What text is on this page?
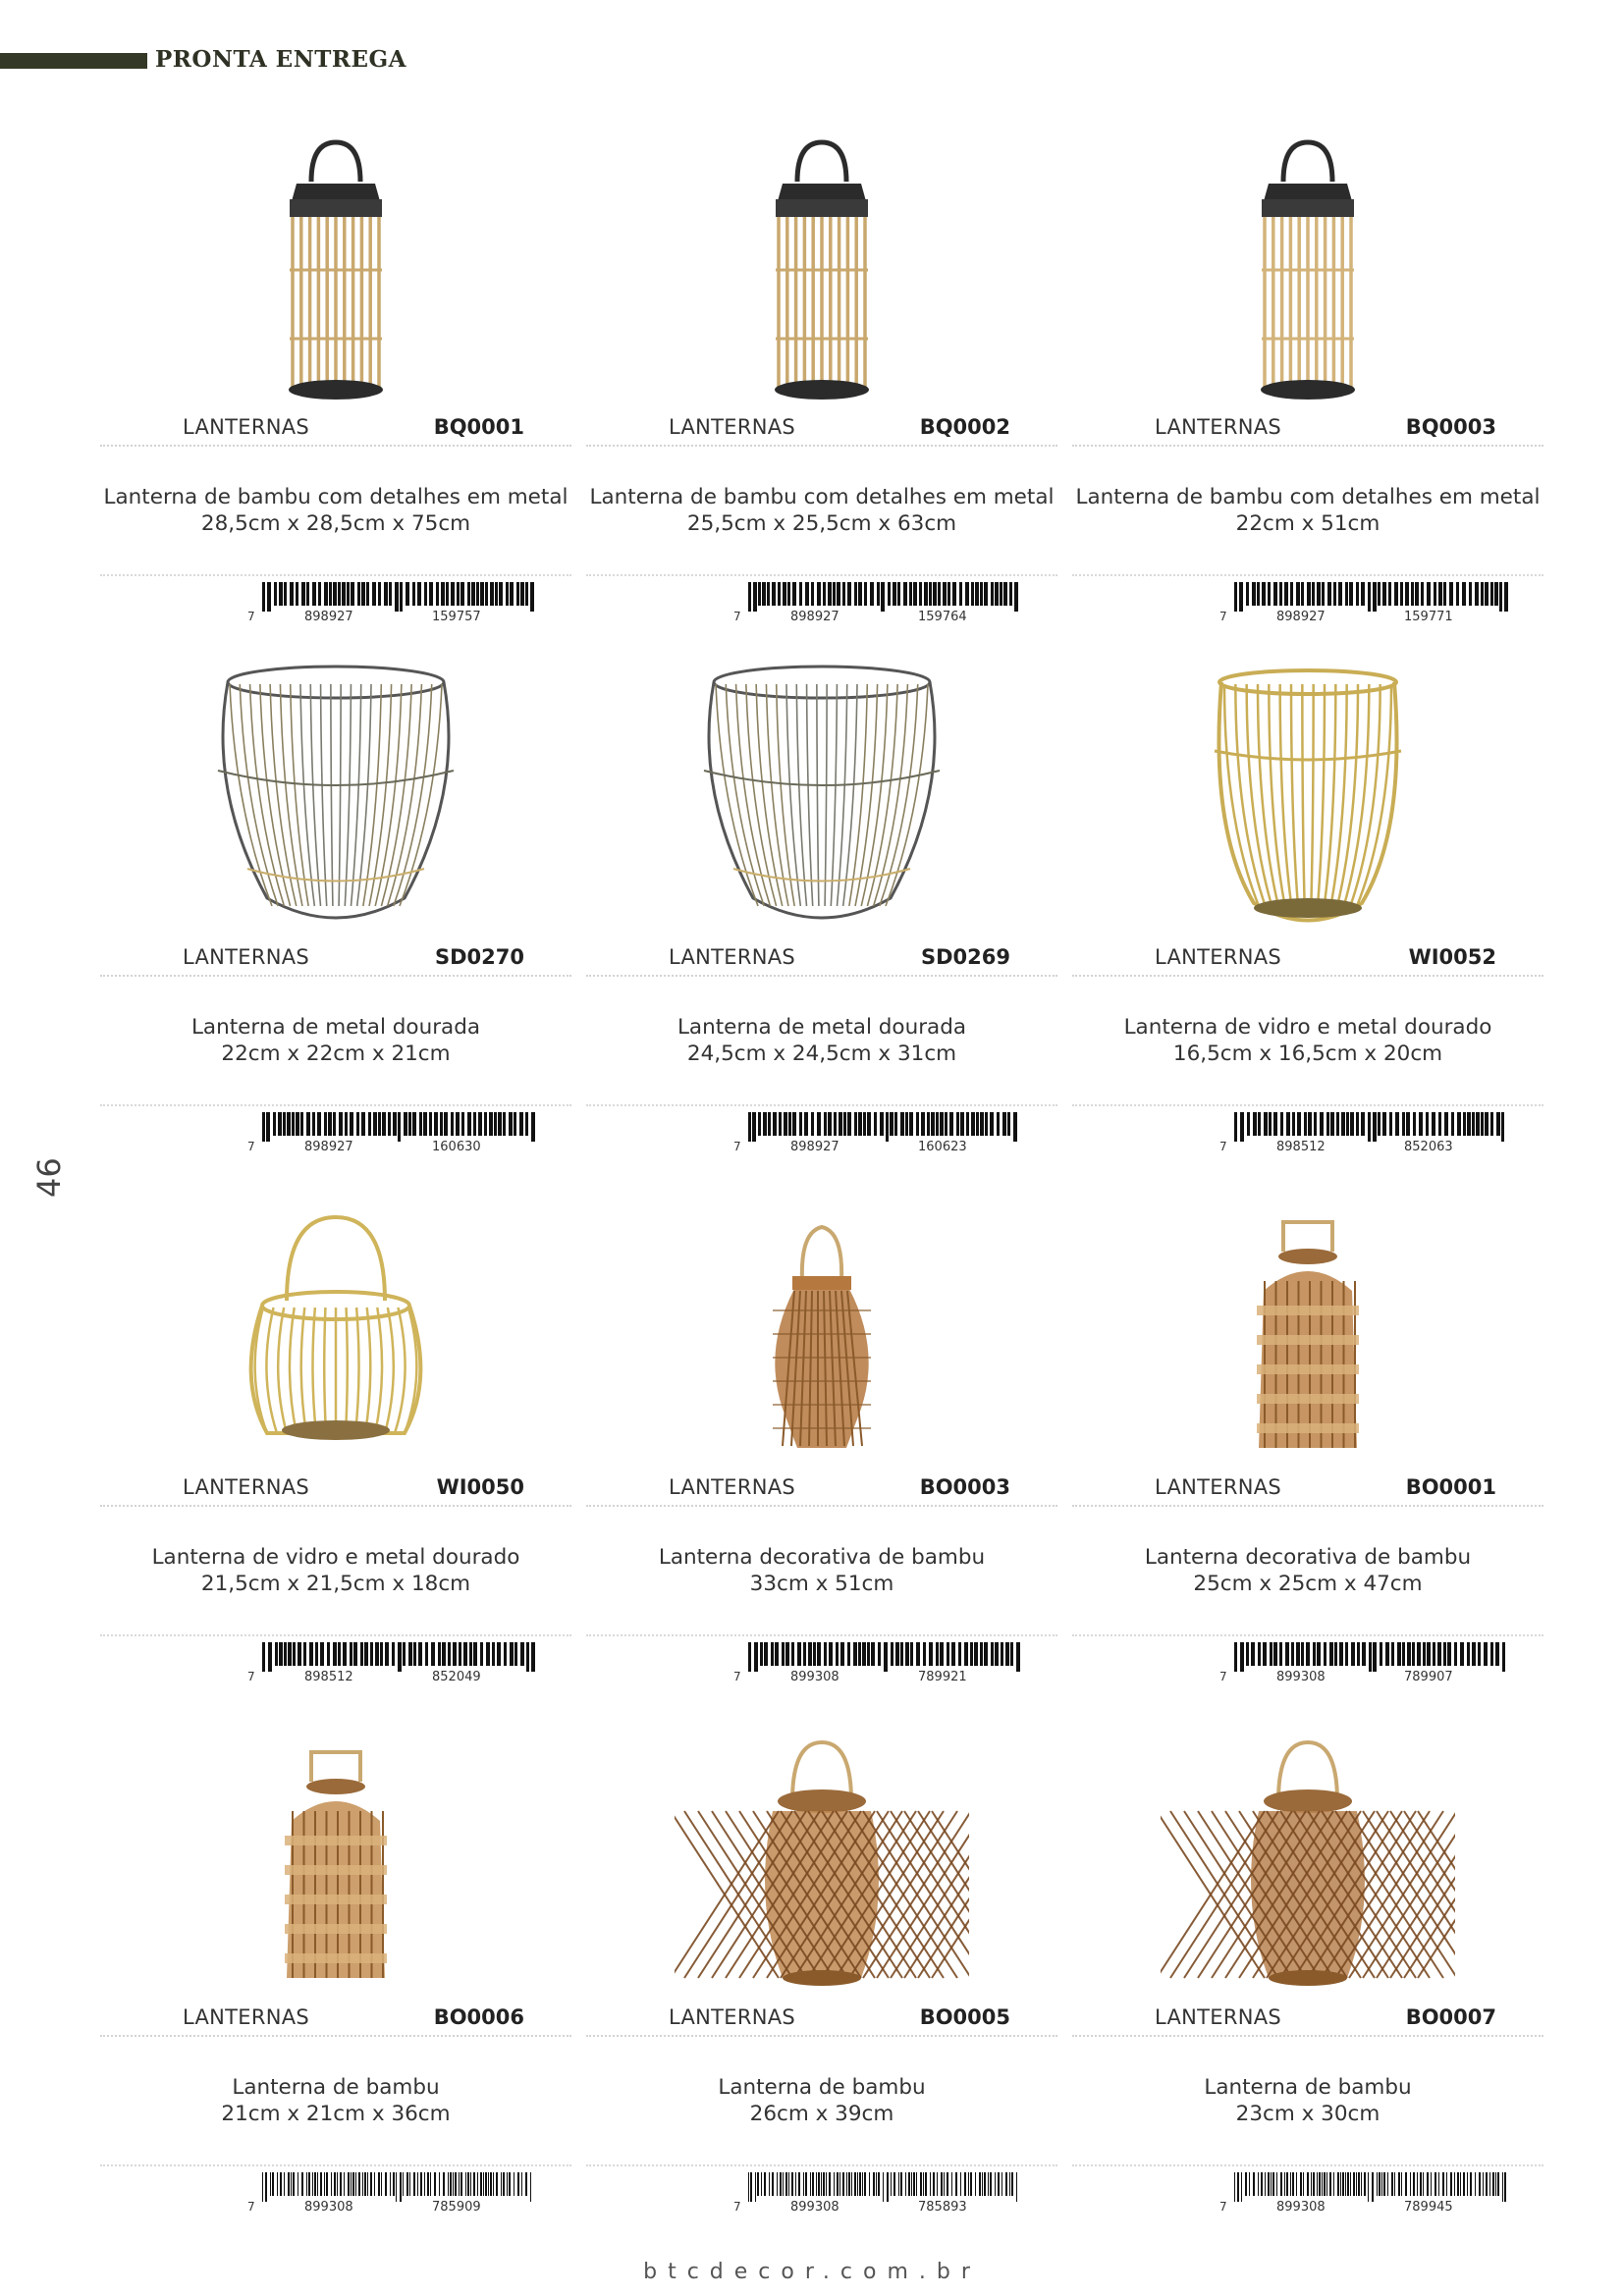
PRONTA ENTREGA
46
LANTERNAS	BQ0001
Lanterna de bambu com detalhes em metal
28,5cm x 28,5cm x 75cm
7	898927	159757
LANTERNAS	BQ0002
Lanterna de bambu com detalhes em metal
25,5cm x 25,5cm x 63cm
7	898927	159764
LANTERNAS	BQ0003
Lanterna de bambu com detalhes em metal
22cm x 51cm
7	898927	159771
LANTERNAS	SD0270
Lanterna de metal dourada
22cm x 22cm x 21cm
7	898927	160630
LANTERNAS	SD0269
Lanterna de metal dourada
24,5cm x 24,5cm x 31cm
7	898927	160623
LANTERNAS	WI0052
Lanterna de vidro e metal dourado
16,5cm x 16,5cm x 20cm
7	898512	852063
LANTERNAS	WI0050
Lanterna de vidro e metal dourado
21,5cm x 21,5cm x 18cm
7	898512	852049
LANTERNAS	BO0003
Lanterna decorativa de bambu
33cm x 51cm
7	899308	789921
LANTERNAS	BO0001
Lanterna decorativa de bambu
25cm x 25cm x 47cm
7	899308	789907
LANTERNAS	BO0006
Lanterna de bambu
21cm x 21cm x 36cm
7	899308	785909
LANTERNAS	BO0005
Lanterna de bambu
26cm x 39cm
7	899308	785893
LANTERNAS	BO0007
Lanterna de bambu
23cm x 30cm
7	899308	789945
btcdecor.com.br
